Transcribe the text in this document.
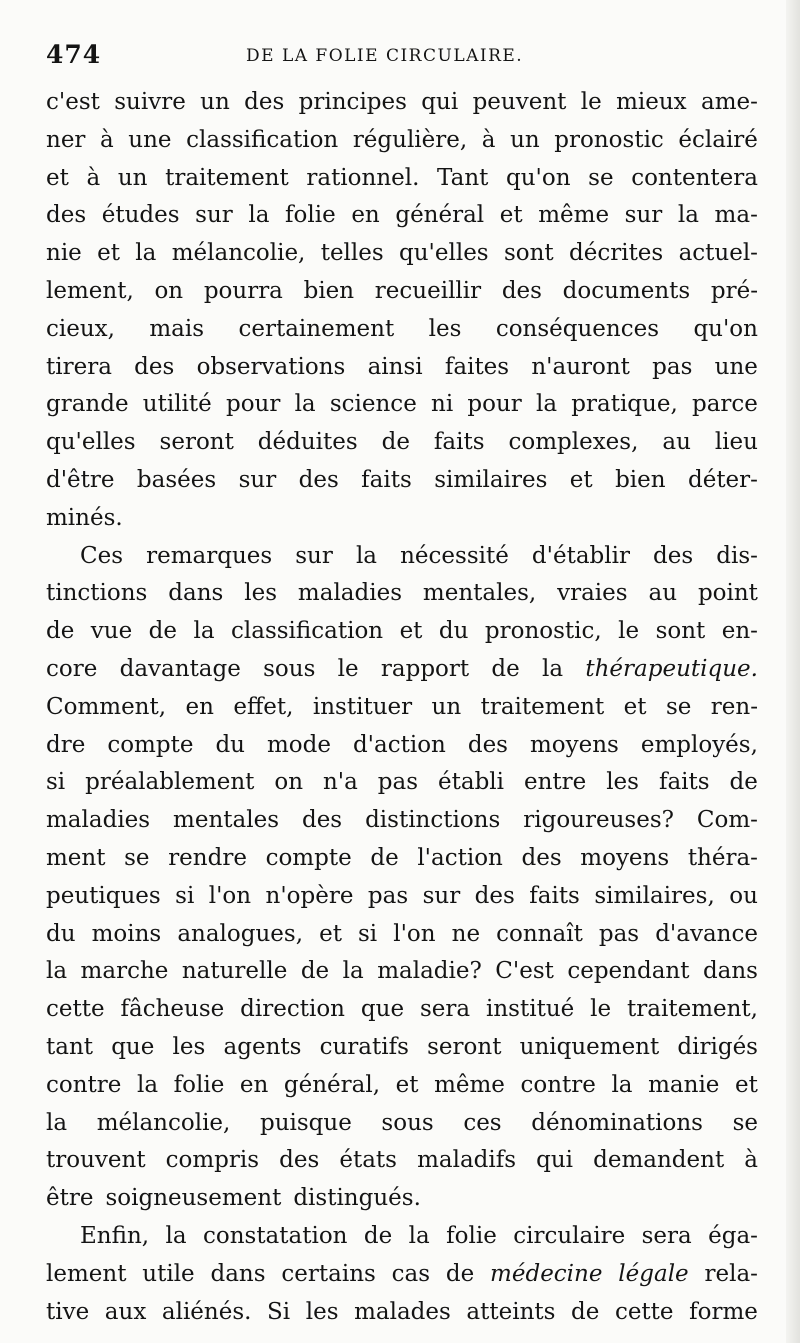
474	DE LA FOLIE CIRCULAIRE.
c'est suivre un des principes qui peuvent le mieux ame-
ner à une classification régulière, à un pronostic éclairé
et à un traitement rationnel. Tant qu'on se contentera
des études sur la folie en général et même sur la ma-
nie et la mélancolie, telles qu'elles sont décrites actuel-
lement, on pourra bien recueillir des documents pré-
cieux, mais certainement les conséquences qu'on
tirera des observations ainsi faites n'auront pas une
grande utilité pour la science ni pour la pratique, parce
qu'elles seront déduites de faits complexes, au lieu
d'être basées sur des faits similaires et bien déter-
minés.
Ces remarques sur la nécessité d'établir des dis-
tinctions dans les maladies mentales, vraies au point
de vue de la classification et du pronostic, le sont en-
core davantage sous le rapport de la thérapeutique.
Comment, en effet, instituer un traitement et se ren-
dre compte du mode d'action des moyens employés,
si préalablement on n'a pas établi entre les faits de
maladies mentales des distinctions rigoureuses? Com-
ment se rendre compte de l'action des moyens théra-
peutiques si l'on n'opère pas sur des faits similaires, ou
du moins analogues, et si l'on ne connaît pas d'avance
la marche naturelle de la maladie? C'est cependant dans
cette fâcheuse direction que sera institué le traitement,
tant que les agents curatifs seront uniquement dirigés
contre la folie en général, et même contre la manie et
la mélancolie, puisque sous ces dénominations se
trouvent compris des états maladifs qui demandent à
être soigneusement distingués.
Enfin, la constatation de la folie circulaire sera éga-
lement utile dans certains cas de médecine légale rela-
tive aux aliénés. Si les malades atteints de cette forme
